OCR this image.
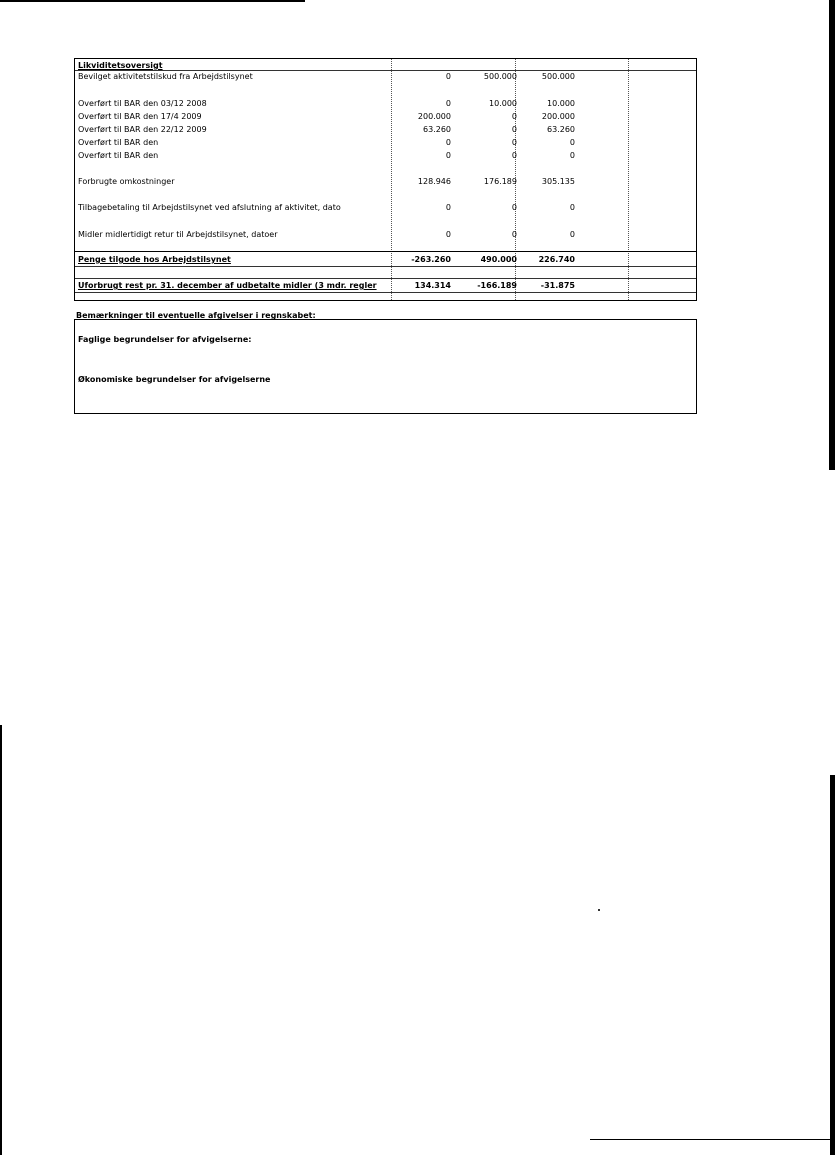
Likviditetsoversigt
Bevilget aktivitetstilskud fra Arbejdstilsynet	0	500.000	500.000
Overført til BAR den 03/12 2008	0	10.000	10.000
Overført til BAR den 17/4 2009	200.000	0	200.000
Overført til BAR den 22/12 2009	63.260	0	63.260
Overført til BAR den	0	0	0
Overført til BAR den	0	0	0
Forbrugte omkostninger	128.946	176.189	305.135
Tilbagebetaling til Arbejdstilsynet ved afslutning af aktivitet, dato	0	0	0
Midler midlertidigt retur til Arbejdstilsynet, datoer	0	0	0
Penge tilgode hos Arbejdstilsynet	-263.260	490.000	226.740
Uforbrugt rest pr. 31. december af udbetalte midler (3 mdr. regler	134.314	-166.189	-31.875
Bemærkninger til eventuelle afgivelser i regnskabet:
Faglige begrundelser for afvigelserne:
Økonomiske begrundelser for afvigelserne
